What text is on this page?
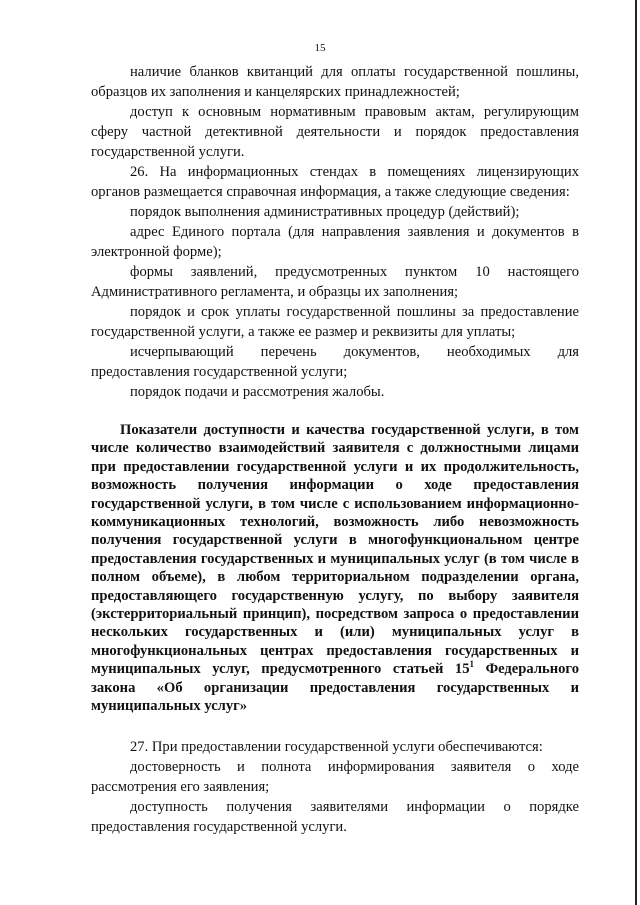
15

наличие бланков квитанций для оплаты государственной пошлины, образцов их заполнения и канцелярских принадлежностей;

доступ к основным нормативным правовым актам, регулирующим сферу частной детективной деятельности и порядок предоставления государственной услуги.

26. На информационных стендах в помещениях лицензирующих органов размещается справочная информация, а также следующие сведения:

порядок выполнения административных процедур (действий);

адрес Единого портала (для направления заявления и документов в электронной форме);

формы заявлений, предусмотренных пунктом 10 настоящего Административного регламента, и образцы их заполнения;

порядок и срок уплаты государственной пошлины за предоставление государственной услуги, а также ее размер и реквизиты для уплаты;

исчерпывающий перечень документов, необходимых для предоставления государственной услуги;

порядок подачи и рассмотрения жалобы.

Показатели доступности и качества государственной услуги, в том числе количество взаимодействий заявителя с должностными лицами при предоставлении государственной услуги и их продолжительность, возможность получения информации о ходе предоставления государственной услуги, в том числе с использованием информационно-коммуникационных технологий, возможность либо невозможность получения государственной услуги в многофункциональном центре предоставления государственных и муниципальных услуг (в том числе в полном объеме), в любом территориальном подразделении органа, предоставляющего государственную услугу, по выбору заявителя (экстерриториальный принцип), посредством запроса о предоставлении нескольких государственных и (или) муниципальных услуг в многофункциональных центрах предоставления государственных и муниципальных услуг, предусмотренного статьей $15^1$ Федерального закона «Об организации предоставления государственных и муниципальных услуг»

27. При предоставлении государственной услуги обеспечиваются:

достоверность и полнота информирования заявителя о ходе рассмотрения его заявления;

доступность получения заявителями информации о порядке предоставления государственной услуги.
